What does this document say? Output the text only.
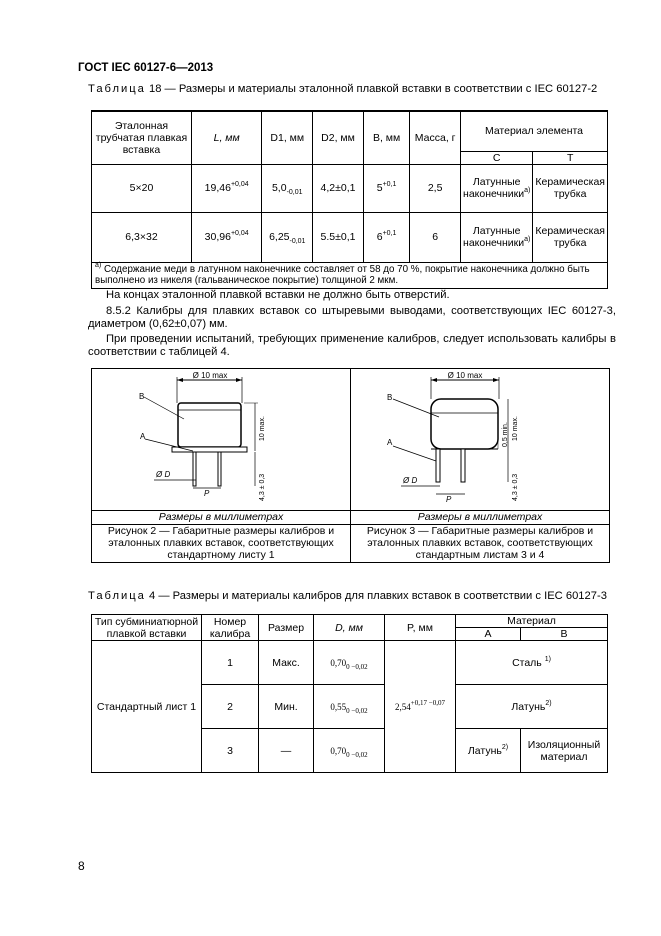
ГОСТ IEC 60127-6—2013
Таблица 18 — Размеры и материалы эталонной плавкой вставки в соответствии с IEC 60127-2
Эталонная трубчатая плавкая вставка	L, мм	D1, мм	D2, мм	B, мм	Масса, г	Материал элемента	
						C	T
5×20	$19,46^{+0,04}$	$5,0_{-0,01}$	4,2±0,1	$5^{+0,1}$	2,5	Латунные наконечники$^{a)}$	Керамическая трубка
6,3×32	$30,96^{+0,04}$	$6,25_{-0,01}$	5.5±0,1	$6^{+0,1}$	6	Латунные наконечники$^{a)}$	Керамическая трубка
$^{a)}$ Содержание меди в латунном наконечнике составляет от 58 до 70 %, покрытие наконечника должно быть выполнено из никеля (гальваническое покрытие) толщиной 2 мкм.							
На концах эталонной плавкой вставки не должно быть отверстий.
8.5.2 Калибры для плавких вставок со штыревыми выводами, соответствующих IEC 60127-3, диаметром (0,62±0,07) мм.
При проведении испытаний, требующих применение калибров, следует использовать калибры в соответствии с таблицей 4.
Ø 10 max
B
A
Ø D
P
10 max.
4,3 ± 0,3
Ø 10 max
B
A
Ø D
P
10 max.
0,5 min.
4,3 ± 0,3
Размеры в миллиметрах	Размеры в миллиметрах
Рисунок 2 — Габаритные размеры калибров и эталонных плавких вставок, соответствующих стандартному листу 1
Рисунок 3 — Габаритные размеры калибров и эталонных плавких вставок, соответствующих стандартным листам 3 и 4
Таблица 4 — Размеры и материалы калибров для плавких вставок в соответствии с IEC 60127-3
Тип субминиатюрной плавкой вставки	Номер калибра	Размер	D, мм	P, мм	Материал	
					А	В
Стандартный лист 1	1	Макс.	$0,70_{0 -0,02}$	$2,54^{+0,17 -0,07}$	Сталь $^{1)}$
	2	Мин.	$0,55_{0 -0,02}$		Латунь$^{2)}$
	3	—	$0,70_{0 -0,02}$		Латунь$^{2)}$	Изоляционный материал
8
